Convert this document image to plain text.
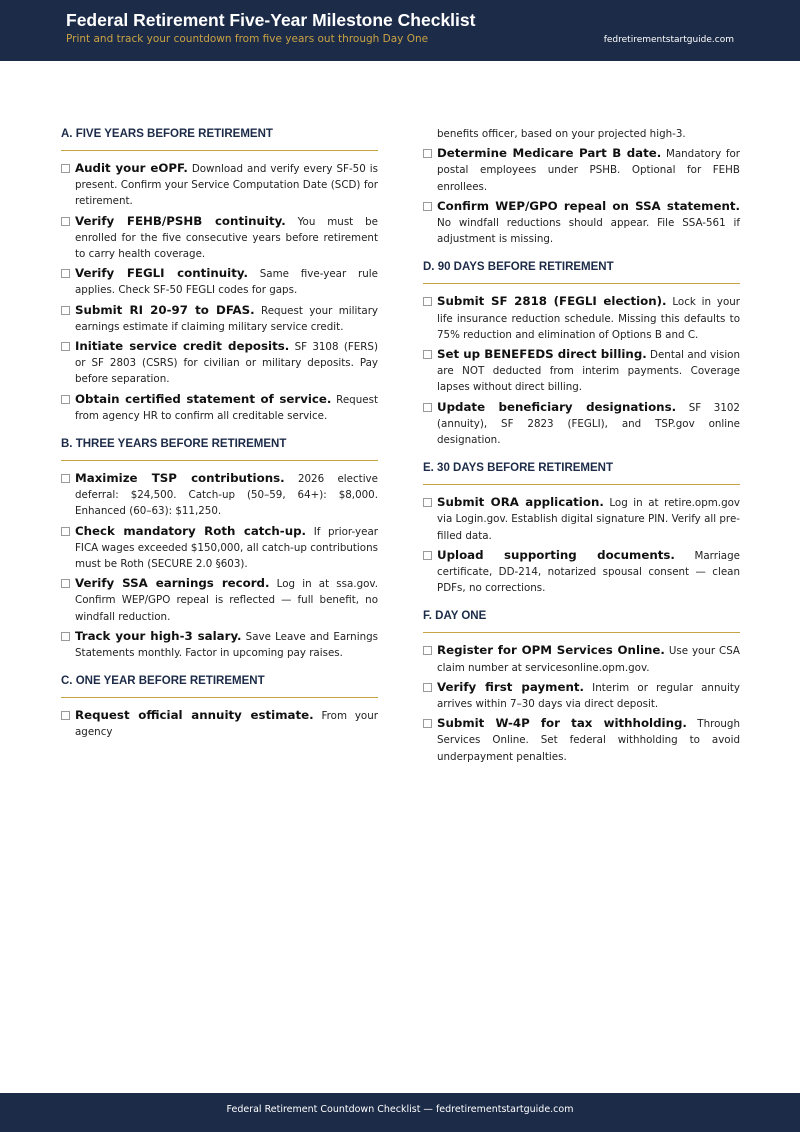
Federal Retirement Five-Year Milestone Checklist
Print and track your countdown from five years out through Day One	fedretirementstartguide.com
A. FIVE YEARS BEFORE RETIREMENT
Audit your eOPF. Download and verify every SF-50 is present. Confirm your Service Computation Date (SCD) for retirement.
Verify FEHB/PSHB continuity. You must be enrolled for the five consecutive years before retirement to carry health coverage.
Verify FEGLI continuity. Same five-year rule applies. Check SF-50 FEGLI codes for gaps.
Submit RI 20-97 to DFAS. Request your military earnings estimate if claiming military service credit.
Initiate service credit deposits. SF 3108 (FERS) or SF 2803 (CSRS) for civilian or military deposits. Pay before separation.
Obtain certified statement of service. Request from agency HR to confirm all creditable service.
B. THREE YEARS BEFORE RETIREMENT
Maximize TSP contributions. 2026 elective deferral: $24,500. Catch-up (50–59, 64+): $8,000. Enhanced (60–63): $11,250.
Check mandatory Roth catch-up. If prior-year FICA wages exceeded $150,000, all catch-up contributions must be Roth (SECURE 2.0 §603).
Verify SSA earnings record. Log in at ssa.gov. Confirm WEP/GPO repeal is reflected — full benefit, no windfall reduction.
Track your high-3 salary. Save Leave and Earnings Statements monthly. Factor in upcoming pay raises.
C. ONE YEAR BEFORE RETIREMENT
Request official annuity estimate. From your agency
benefits officer, based on your projected high-3.
Determine Medicare Part B date. Mandatory for postal employees under PSHB. Optional for FEHB enrollees.
Confirm WEP/GPO repeal on SSA statement. No windfall reductions should appear. File SSA-561 if adjustment is missing.
D. 90 DAYS BEFORE RETIREMENT
Submit SF 2818 (FEGLI election). Lock in your life insurance reduction schedule. Missing this defaults to 75% reduction and elimination of Options B and C.
Set up BENEFEDS direct billing. Dental and vision are NOT deducted from interim payments. Coverage lapses without direct billing.
Update beneficiary designations. SF 3102 (annuity), SF 2823 (FEGLI), and TSP.gov online designation.
E. 30 DAYS BEFORE RETIREMENT
Submit ORA application. Log in at retire.opm.gov via Login.gov. Establish digital signature PIN. Verify all pre-filled data.
Upload supporting documents. Marriage certificate, DD-214, notarized spousal consent — clean PDFs, no corrections.
F. DAY ONE
Register for OPM Services Online. Use your CSA claim number at servicesonline.opm.gov.
Verify first payment. Interim or regular annuity arrives within 7–30 days via direct deposit.
Submit W-4P for tax withholding. Through Services Online. Set federal withholding to avoid underpayment penalties.
Federal Retirement Countdown Checklist — fedretirementstartguide.com
